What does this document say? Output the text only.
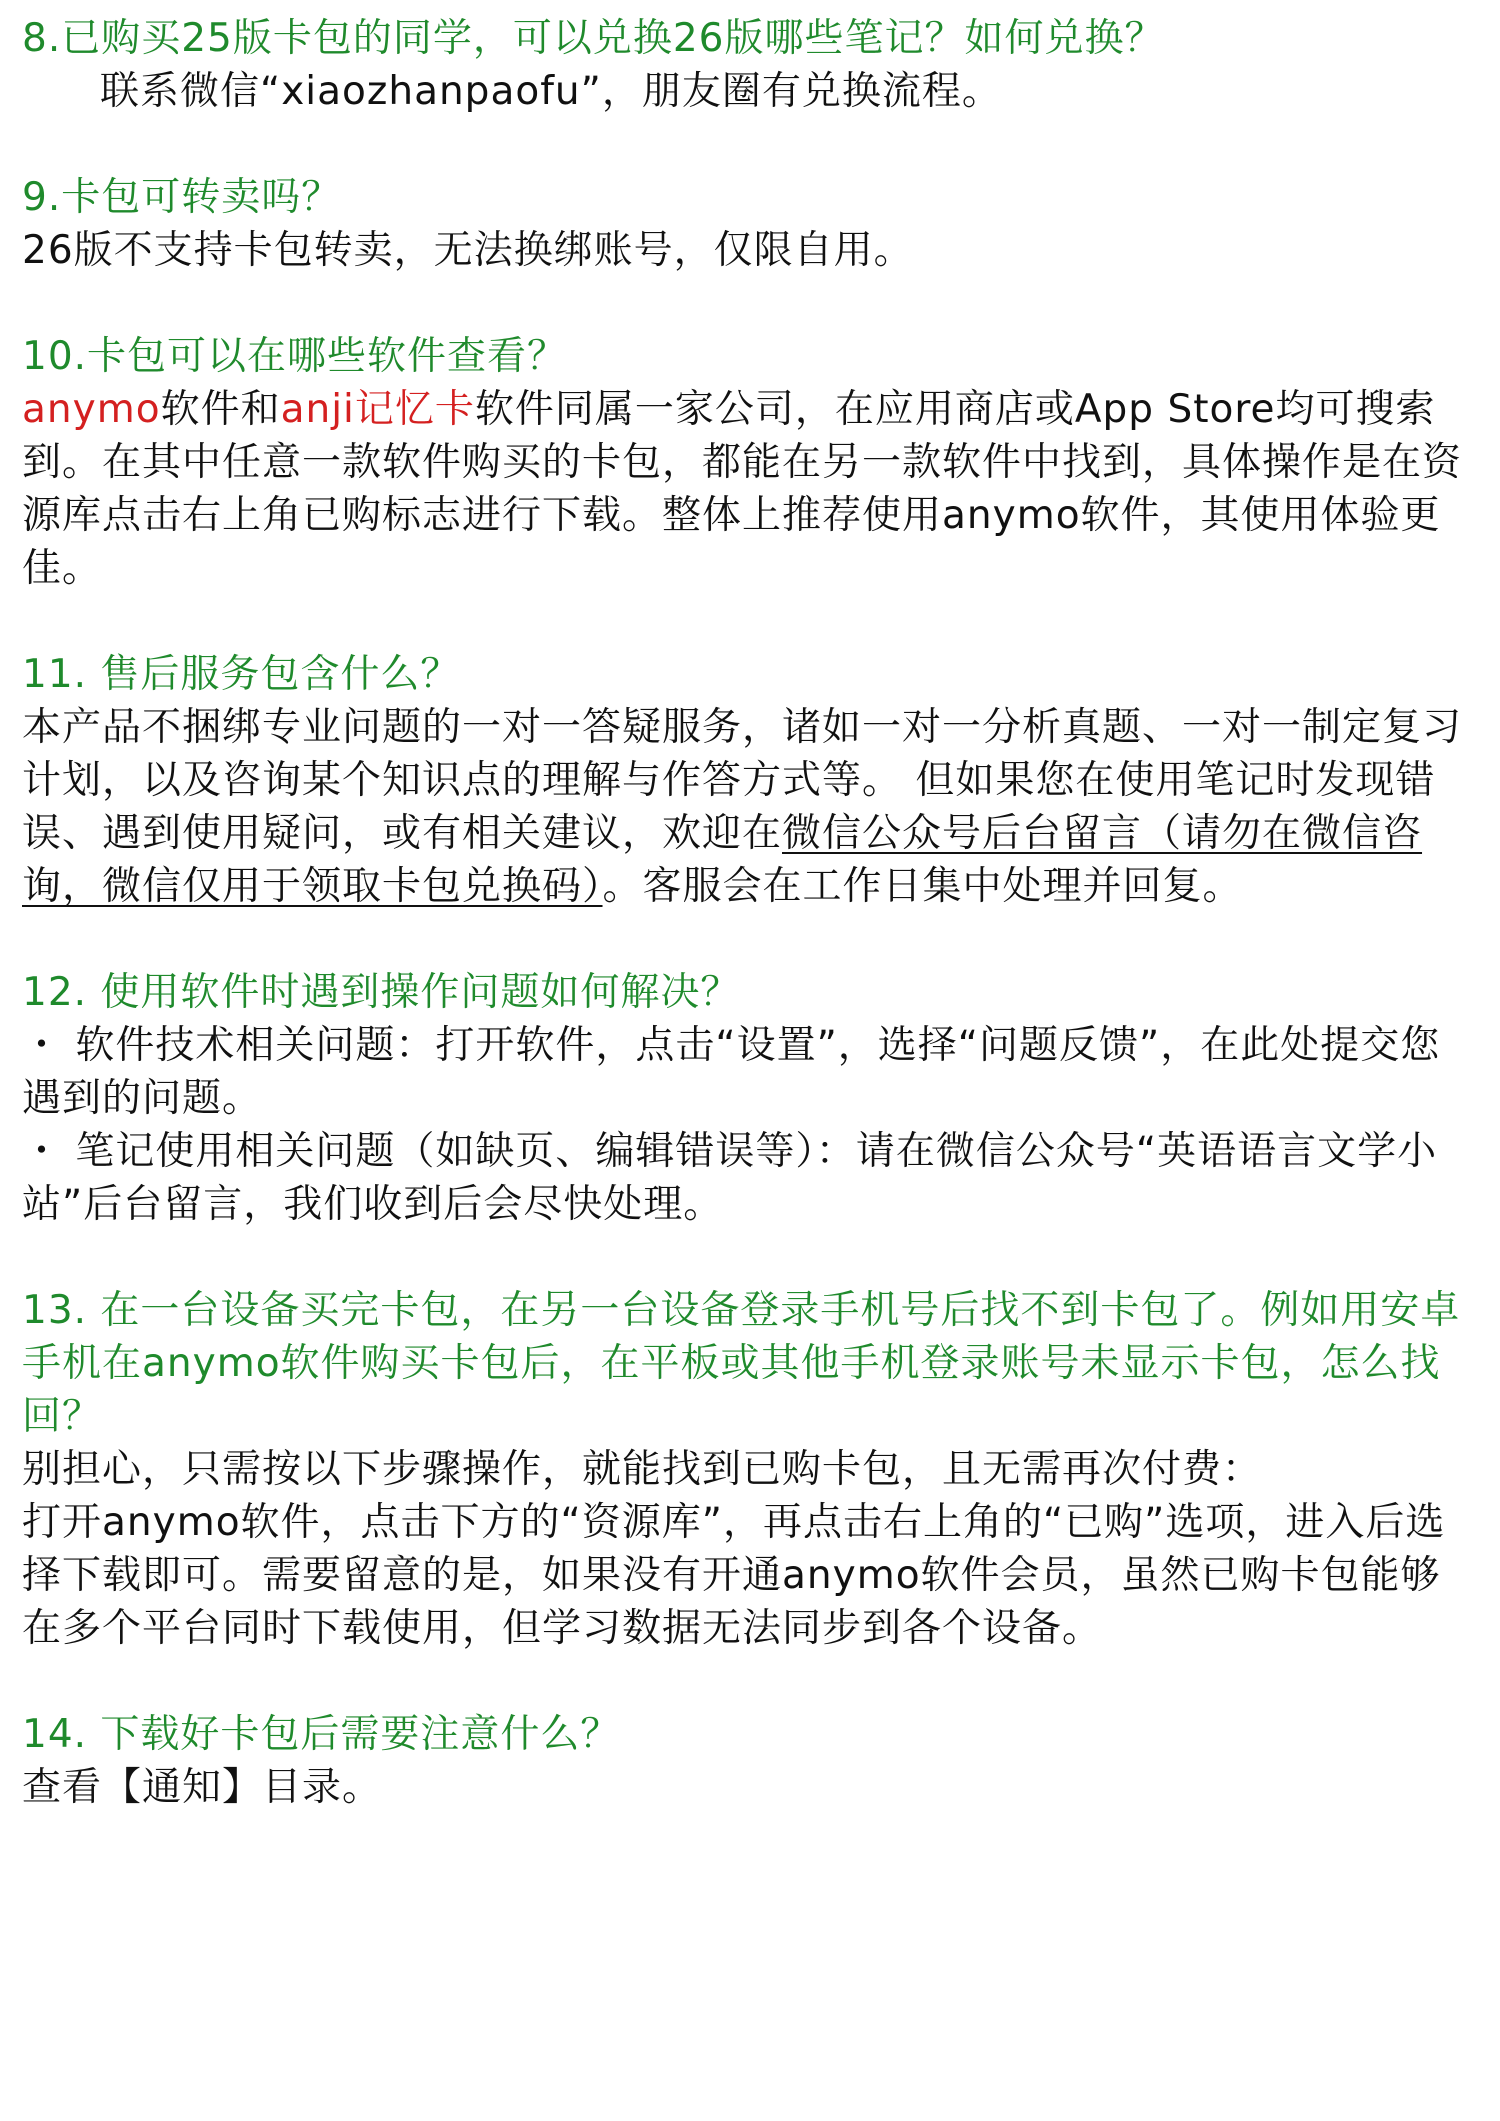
8.已购买25版卡包的同学，可以兑换26版哪些笔记？如何兑换？

联系微信“xiaozhanpaofu”，朋友圈有兑换流程。

9.卡包可转卖吗？

26版不支持卡包转卖，无法换绑账号，仅限自用。

10.卡包可以在哪些软件查看？

anymo软件和anji记忆卡软件同属一家公司，在应用商店或App Store均可搜索到。在其中任意一款软件购买的卡包，都能在另一款软件中找到，具体操作是在资源库点击右上角已购标志进行下载。整体上推荐使用anymo软件，其使用体验更佳。

11. 售后服务包含什么？

本产品不捆绑专业问题的一对一答疑服务，诸如一对一分析真题、一对一制定复习计划，以及咨询某个知识点的理解与作答方式等。 但如果您在使用笔记时发现错误、遇到使用疑问，或有相关建议，欢迎在微信公众号后台留言（请勿在微信咨询，微信仅用于领取卡包兑换码）。客服会在工作日集中处理并回复。

12. 使用软件时遇到操作问题如何解决？

・ 软件技术相关问题：打开软件，点击“设置”，选择“问题反馈”，在此处提交您遇到的问题。

・ 笔记使用相关问题（如缺页、编辑错误等）：请在微信公众号“英语语言文学小站”后台留言，我们收到后会尽快处理。

13. 在一台设备买完卡包，在另一台设备登录手机号后找不到卡包了。例如用安卓手机在anymo软件购买卡包后，在平板或其他手机登录账号未显示卡包，怎么找回？

别担心，只需按以下步骤操作，就能找到已购卡包，且无需再次付费：

打开anymo软件，点击下方的“资源库”，再点击右上角的“已购”选项，进入后选择下载即可。需要留意的是，如果没有开通anymo软件会员，虽然已购卡包能够在多个平台同时下载使用，但学习数据无法同步到各个设备。

14. 下载好卡包后需要注意什么？

查看【通知】目录。
